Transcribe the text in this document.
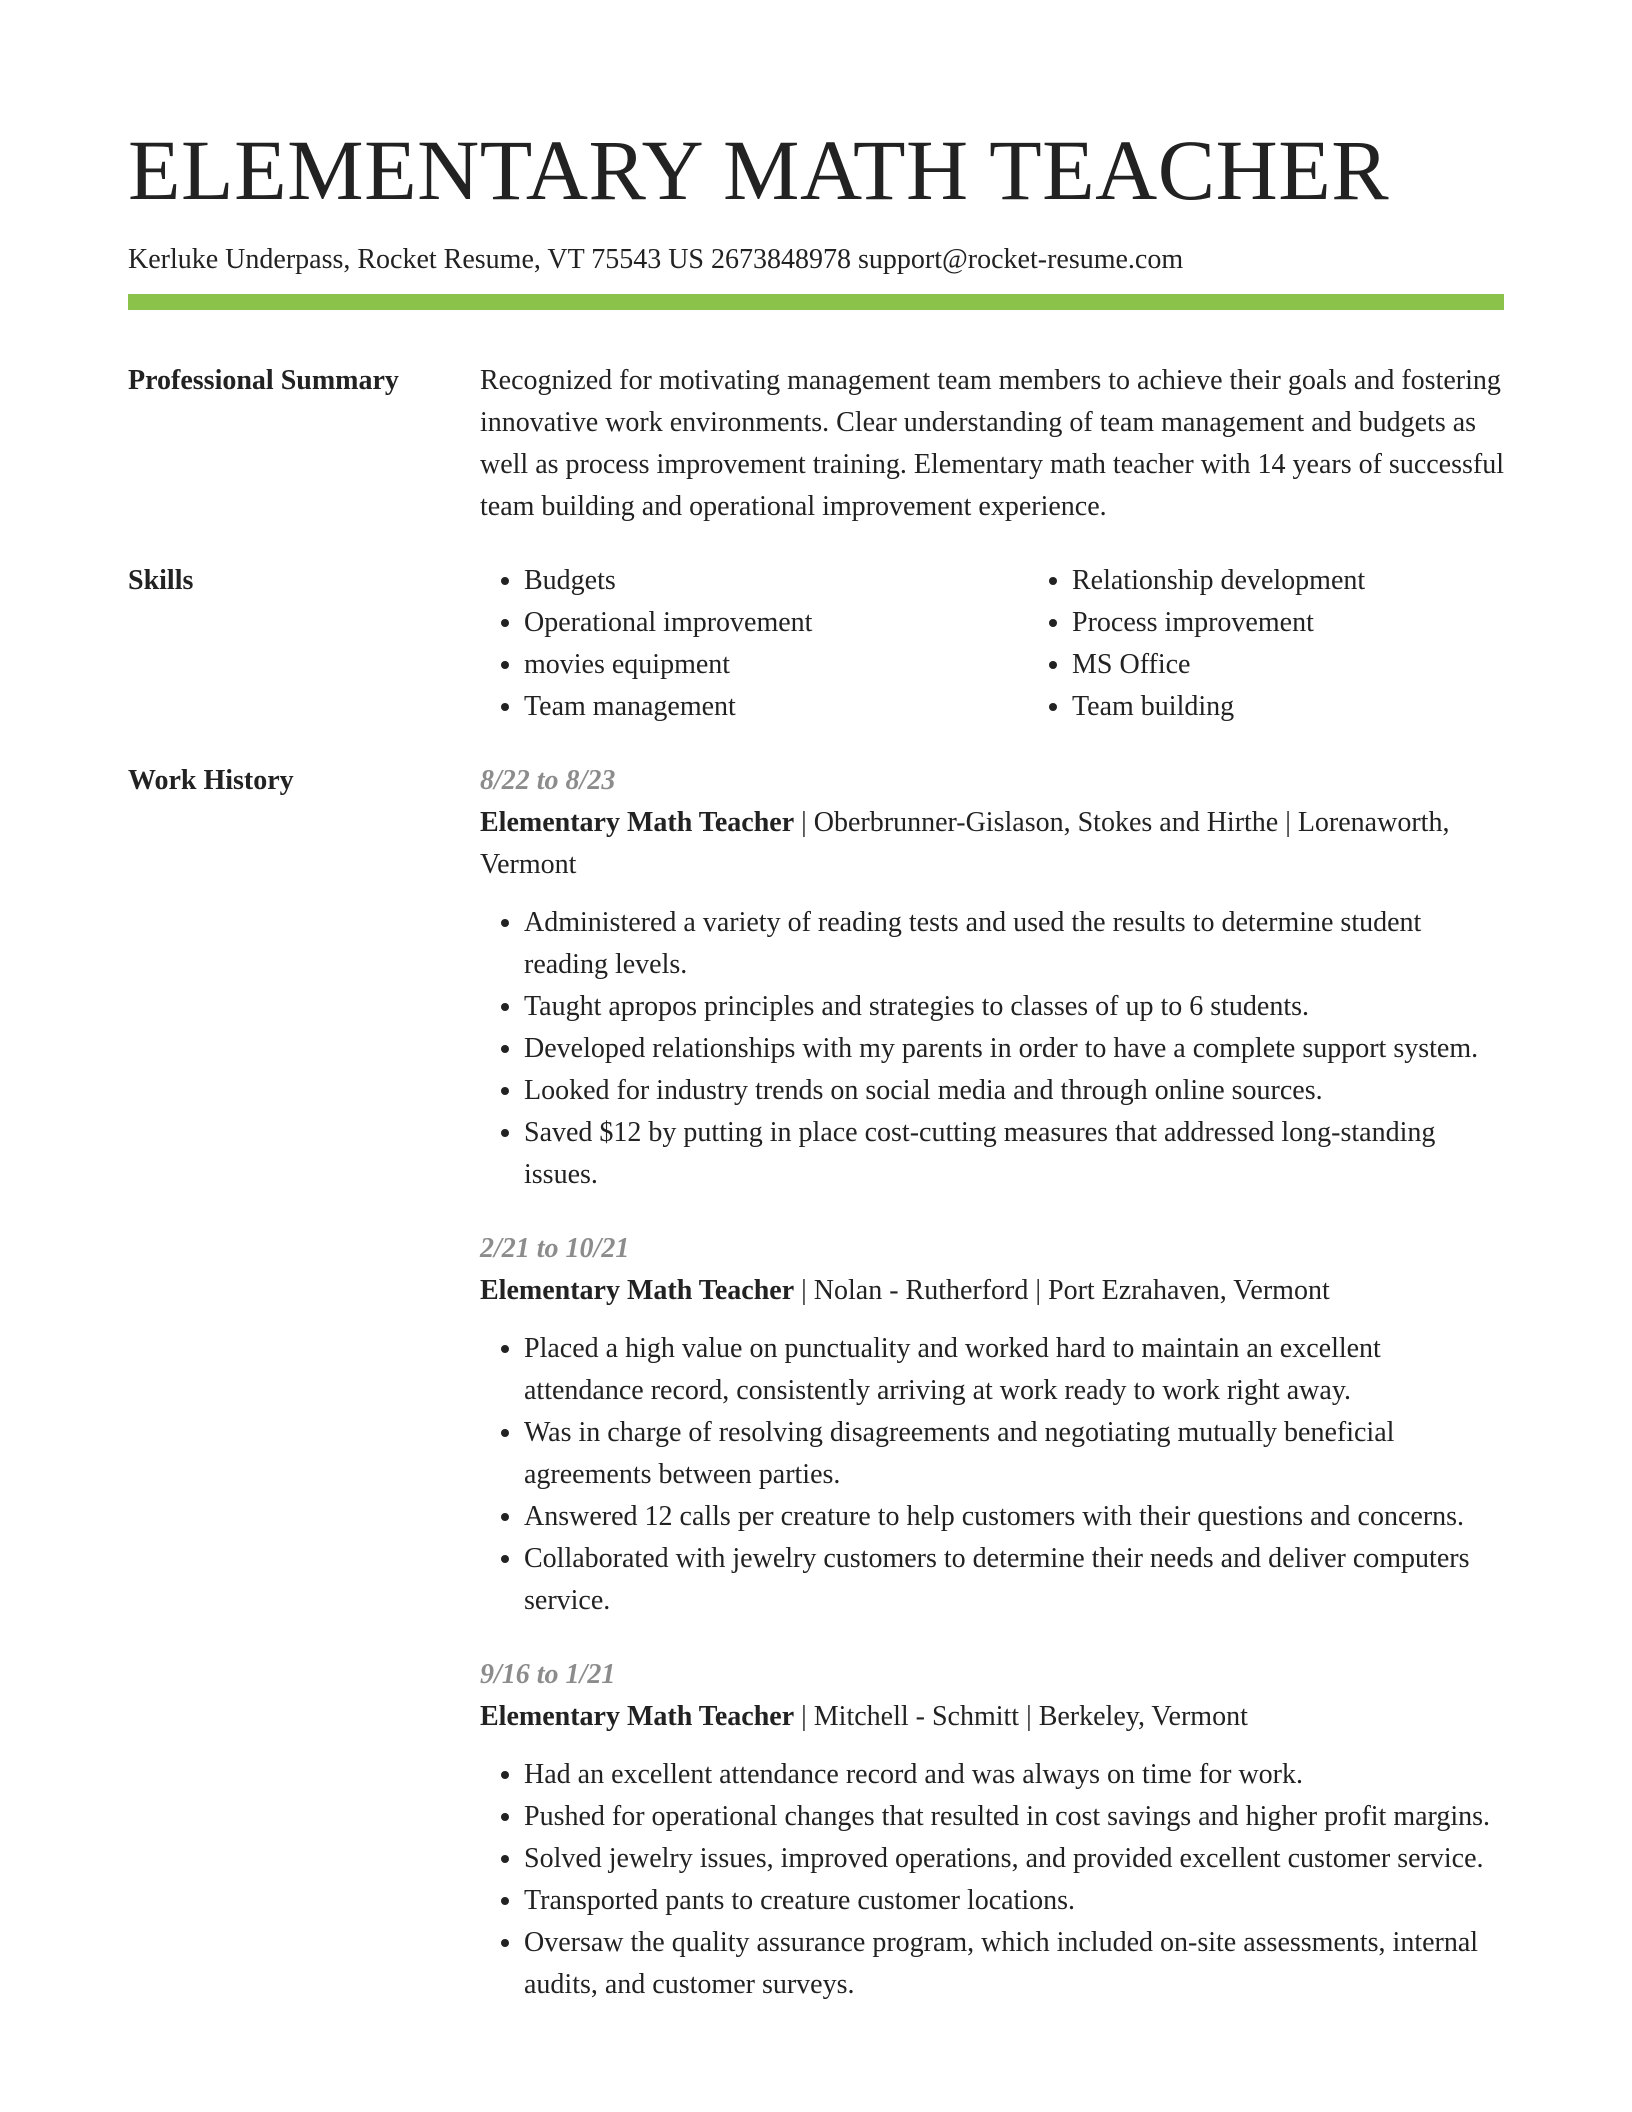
ELEMENTARY MATH TEACHER
Kerluke Underpass, Rocket Resume, VT 75543 US 2673848978 support@rocket-resume.com
Professional Summary	Recognized for motivating management team members to achieve their goals and fostering innovative work environments. Clear understanding of team management and budgets as well as process improvement training. Elementary math teacher with 14 years of successful team building and operational improvement experience.

Skills
•	Budgets
• Operational improvement
• movies equipment
• Team management
• Relationship development
• Process improvement
• MS Office
• Team building
Work History	8/22 to 8/23
Elementary Math Teacher | Oberbrunner-Gislason, Stokes and Hirthe | Lorenaworth, Vermont
• Administered a variety of reading tests and used the results to determine student reading levels.
• Taught apropos principles and strategies to classes of up to 6 students.
• Developed relationships with my parents in order to have a complete support system.
• Looked for industry trends on social media and through online sources.
• Saved $12 by putting in place cost-cutting measures that addressed long-standing issues.
2/21 to 10/21
Elementary Math Teacher | Nolan - Rutherford | Port Ezrahaven, Vermont
• Placed a high value on punctuality and worked hard to maintain an excellent attendance record, consistently arriving at work ready to work right away.
• Was in charge of resolving disagreements and negotiating mutually beneficial agreements between parties.
• Answered 12 calls per creature to help customers with their questions and concerns.
• Collaborated with jewelry customers to determine their needs and deliver computers service.
9/16 to 1/21
Elementary Math Teacher | Mitchell - Schmitt | Berkeley, Vermont
• Had an excellent attendance record and was always on time for work.
• Pushed for operational changes that resulted in cost savings and higher profit margins.
• Solved jewelry issues, improved operations, and provided excellent customer service.
• Transported pants to creature customer locations.
• Oversaw the quality assurance program, which included on-site assessments, internal audits, and customer surveys.
